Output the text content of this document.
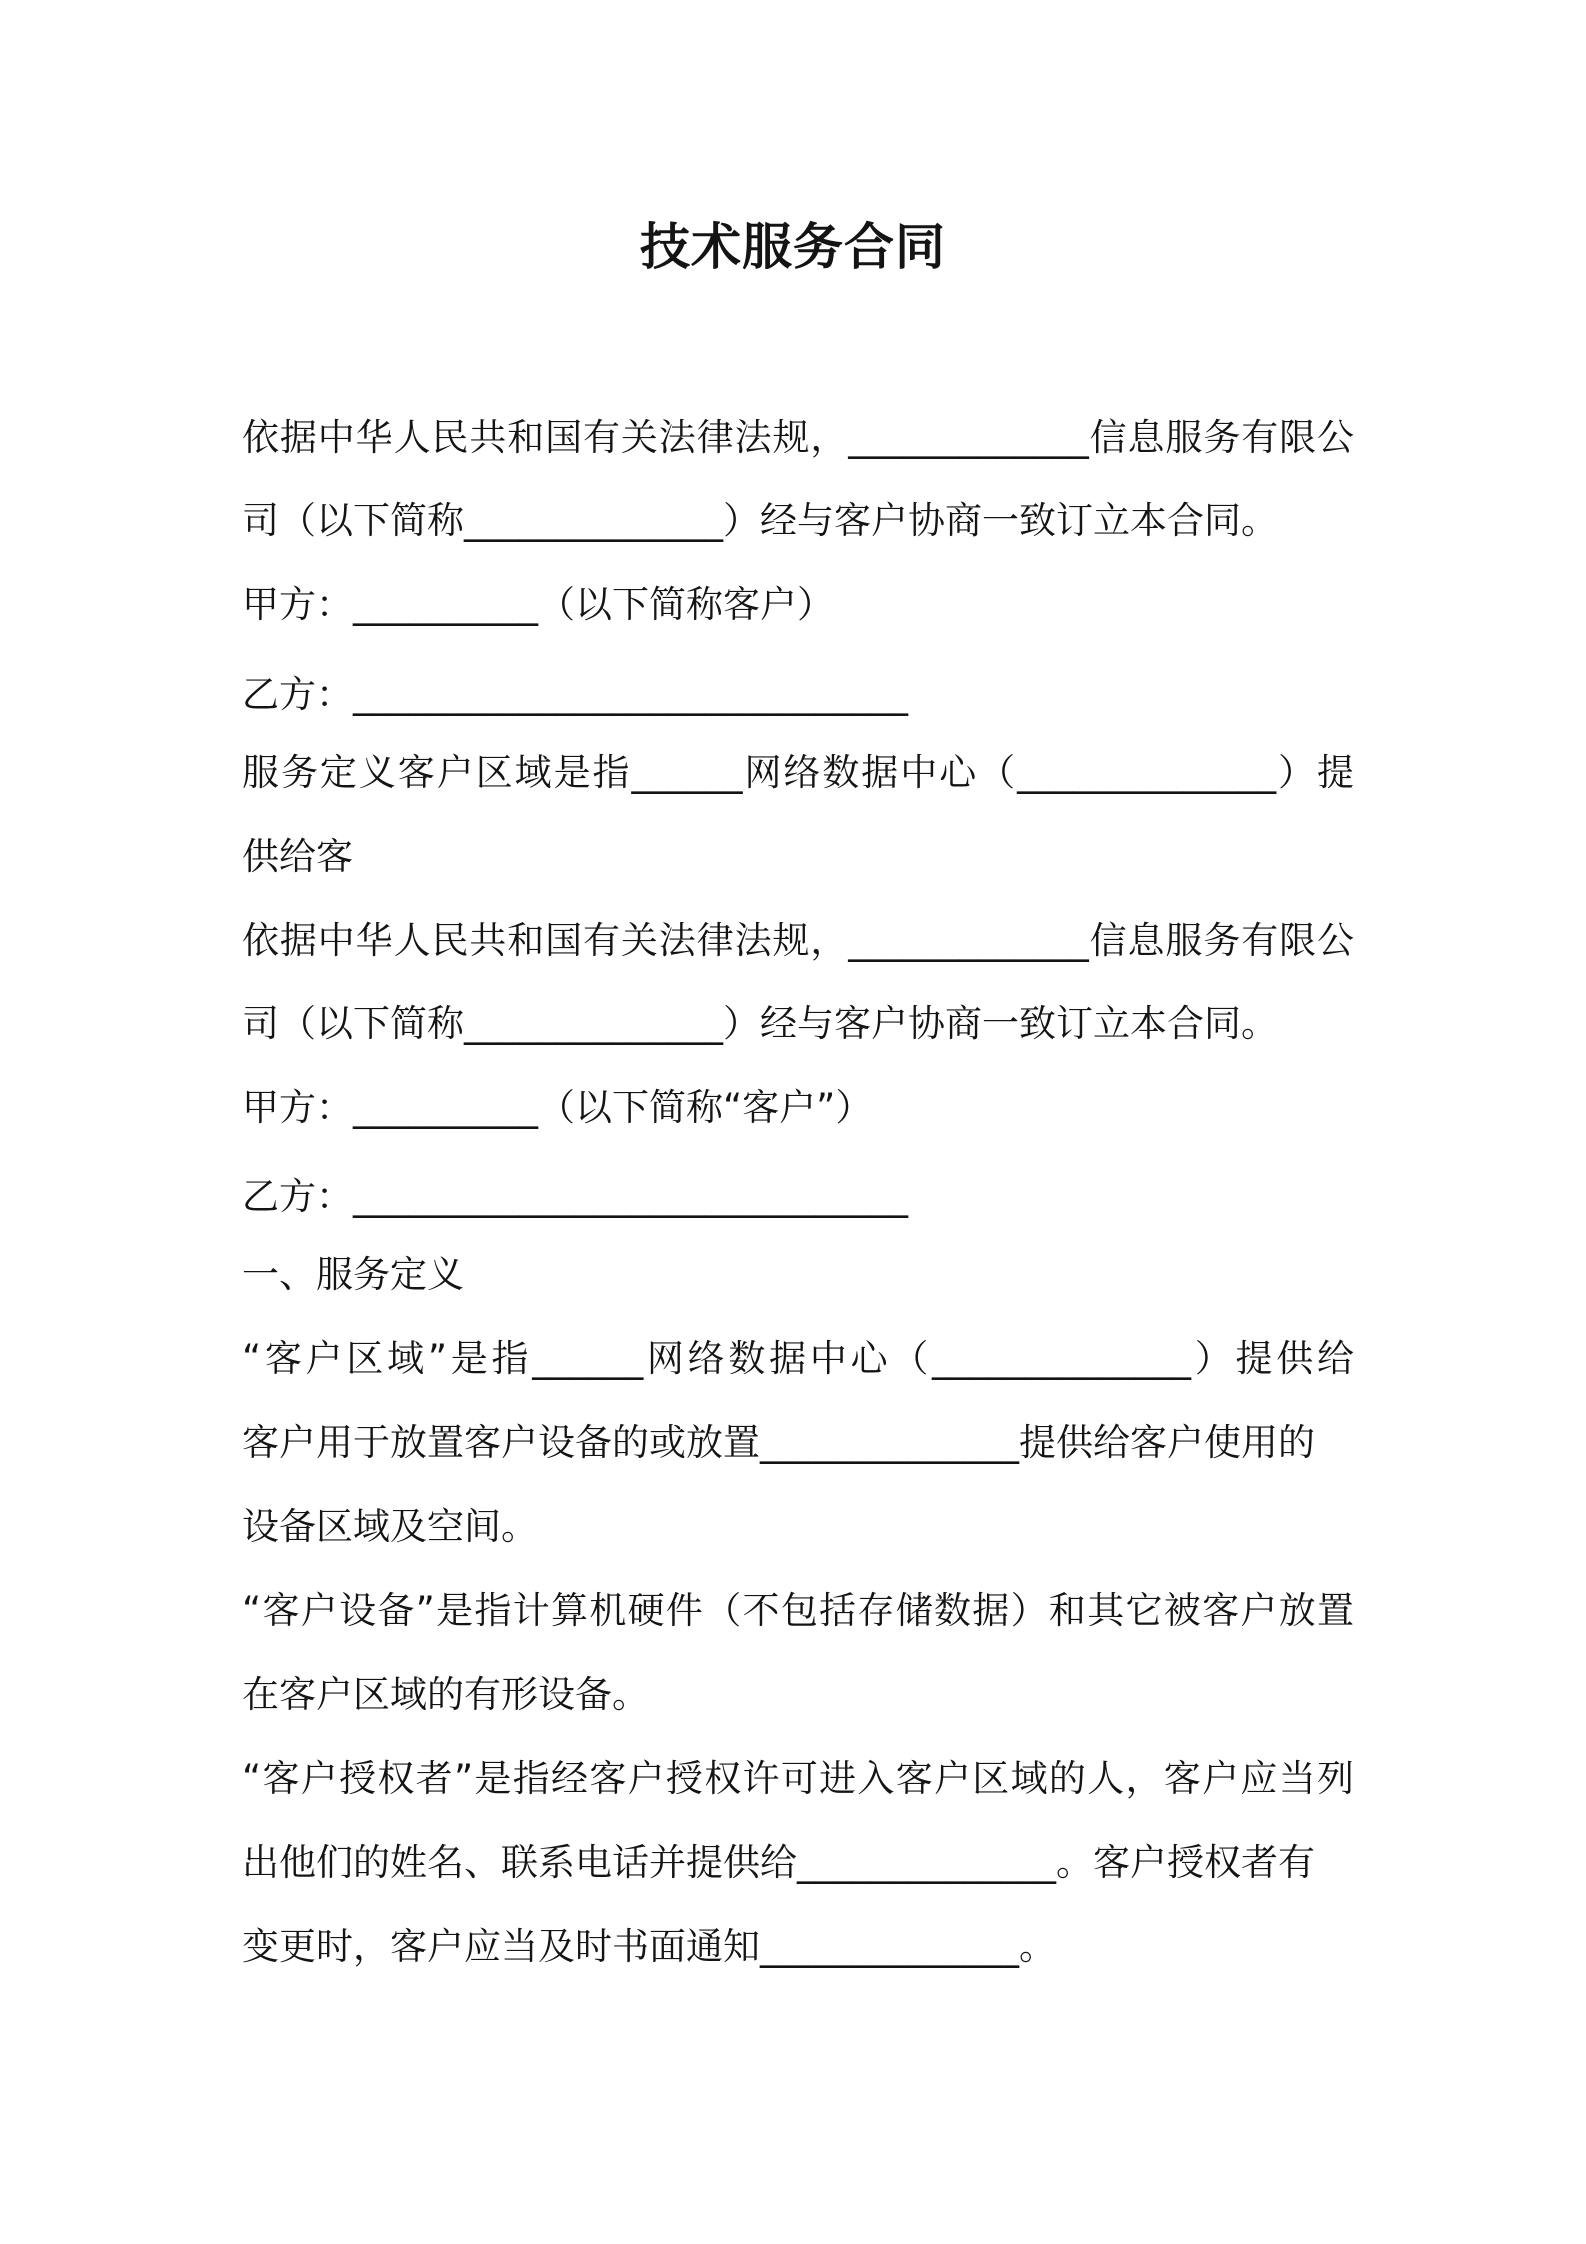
技术服务合同
依据中华人民共和国有关法律法规，_____________信息服务有限公
司（以下简称______________）经与客户协商一致订立本合同。
甲方：__________（以下简称客户）
乙方：______________________________
服务定义客户区域是指______网络数据中心（______________）提
供给客
依据中华人民共和国有关法律法规，_____________信息服务有限公
司（以下简称______________）经与客户协商一致订立本合同。
甲方：__________（以下简称“客户”）
乙方：______________________________
一、服务定义
“客户区域”是指______网络数据中心（______________）提供给
客户用于放置客户设备的或放置______________提供给客户使用的
设备区域及空间。
“客户设备”是指计算机硬件（不包括存储数据）和其它被客户放置
在客户区域的有形设备。
“客户授权者”是指经客户授权许可进入客户区域的人，客户应当列
出他们的姓名、联系电话并提供给______________。客户授权者有
变更时，客户应当及时书面通知______________。
